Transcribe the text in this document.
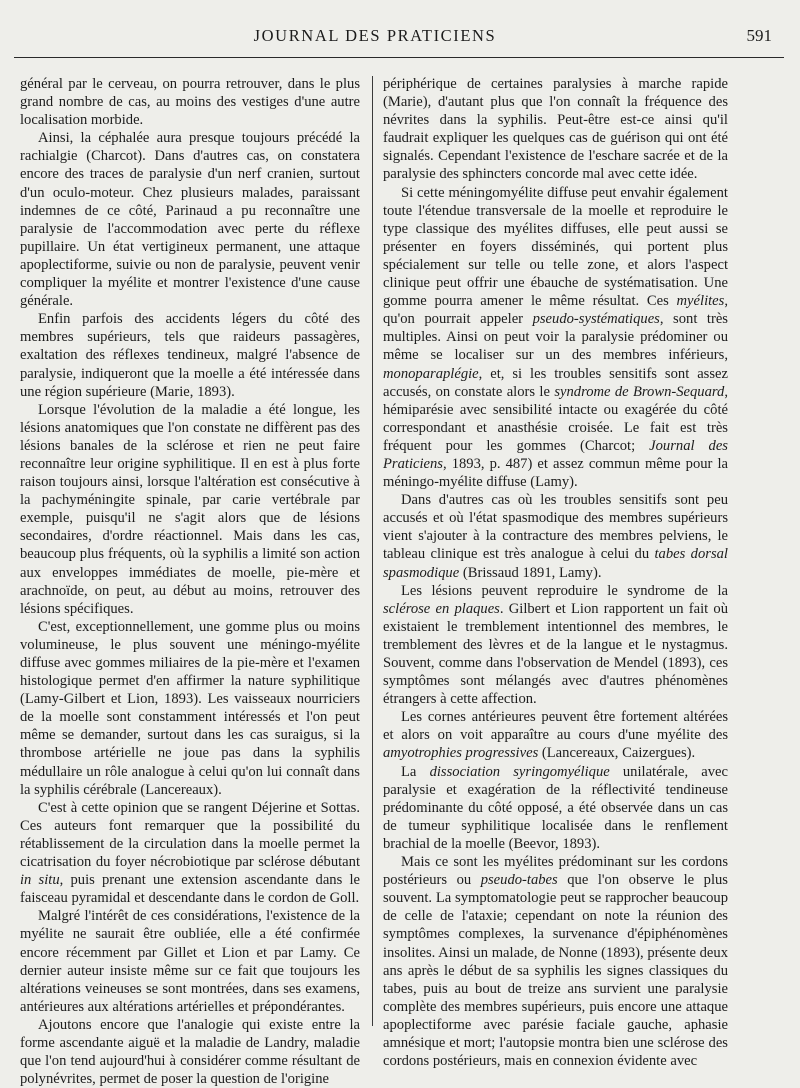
JOURNAL DES PRATICIENS	591

général par le cerveau, on pourra retrouver, dans le plus grand nombre de cas, au moins des vestiges d'une autre localisation morbide.

Ainsi, la céphalée aura presque toujours précédé la rachialgie (Charcot). Dans d'autres cas, on constatera encore des traces de paralysie d'un nerf cranien, surtout d'un oculo-moteur. Chez plusieurs malades, paraissant indemnes de ce côté, Parinaud a pu reconnaître une paralysie de l'accommodation avec perte du réflexe pupillaire. Un état vertigineux permanent, une attaque apoplectiforme, suivie ou non de paralysie, peuvent venir compliquer la myélite et montrer l'existence d'une cause générale.

Enfin parfois des accidents légers du côté des membres supérieurs, tels que raideurs passagères, exaltation des réflexes tendineux, malgré l'absence de paralysie, indiqueront que la moelle a été intéressée dans une région supérieure (Marie, 1893).

Lorsque l'évolution de la maladie a été longue, les lésions anatomiques que l'on constate ne diffèrent pas des lésions banales de la sclérose et rien ne peut faire reconnaître leur origine syphilitique. Il en est à plus forte raison toujours ainsi, lorsque l'altération est consécutive à la pachyméningite spinale, par carie vertébrale par exemple, puisqu'il ne s'agit alors que de lésions secondaires, d'ordre réactionnel. Mais dans les cas, beaucoup plus fréquents, où la syphilis a limité son action aux enveloppes immédiates de moelle, pie-mère et arachnoïde, on peut, au début au moins, retrouver des lésions spécifiques.

C'est, exceptionnellement, une gomme plus ou moins volumineuse, le plus souvent une méningo-myélite diffuse avec gommes miliaires de la pie-mère et l'examen histologique permet d'en affirmer la nature syphilitique (Lamy-Gilbert et Lion, 1893). Les vaisseaux nourriciers de la moelle sont constamment intéressés et l'on peut même se demander, surtout dans les cas suraigus, si la thrombose artérielle ne joue pas dans la syphilis médullaire un rôle analogue à celui qu'on lui connaît dans la syphilis cérébrale (Lancereaux).

C'est à cette opinion que se rangent Déjerine et Sottas. Ces auteurs font remarquer que la possibilité du rétablissement de la circulation dans la moelle permet la cicatrisation du foyer nécrobiotique par sclérose débutant in situ, puis prenant une extension ascendante dans le faisceau pyramidal et descendante dans le cordon de Goll.

Malgré l'intérêt de ces considérations, l'existence de la myélite ne saurait être oubliée, elle a été confirmée encore récemment par Gillet et Lion et par Lamy. Ce dernier auteur insiste même sur ce fait que toujours les altérations veineuses se sont montrées, dans ses examens, antérieures aux altérations artérielles et prépondérantes.

Ajoutons encore que l'analogie qui existe entre la forme ascendante aiguë et la maladie de Landry, maladie que l'on tend aujourd'hui à considérer comme résultant de polynévrites, permet de poser la question de l'origine

périphérique de certaines paralysies à marche rapide (Marie), d'autant plus que l'on connaît la fréquence des névrites dans la syphilis. Peut-être est-ce ainsi qu'il faudrait expliquer les quelques cas de guérison qui ont été signalés. Cependant l'existence de l'eschare sacrée et de la paralysie des sphincters concorde mal avec cette idée.

Si cette méningomyélite diffuse peut envahir également toute l'étendue transversale de la moelle et reproduire le type classique des myélites diffuses, elle peut aussi se présenter en foyers disséminés, qui portent plus spécialement sur telle ou telle zone, et alors l'aspect clinique peut offrir une ébauche de systématisation. Une gomme pourra amener le même résultat. Ces myélites, qu'on pourrait appeler pseudo-systématiques, sont très multiples. Ainsi on peut voir la paralysie prédominer ou même se localiser sur un des membres inférieurs, monoparaplégie, et, si les troubles sensitifs sont assez accusés, on constate alors le syndrome de Brown-Sequard, hémiparésie avec sensibilité intacte ou exagérée du côté correspondant et anasthésie croisée. Le fait est très fréquent pour les gommes (Charcot; Journal des Praticiens, 1893, p. 487) et assez commun même pour la méningo-myélite diffuse (Lamy).

Dans d'autres cas où les troubles sensitifs sont peu accusés et où l'état spasmodique des membres supérieurs vient s'ajouter à la contracture des membres pelviens, le tableau clinique est très analogue à celui du tabes dorsal spasmodique (Brissaud 1891, Lamy).

Les lésions peuvent reproduire le syndrome de la sclérose en plaques. Gilbert et Lion rapportent un fait où existaient le tremblement intentionnel des membres, le tremblement des lèvres et de la langue et le nystagmus. Souvent, comme dans l'observation de Mendel (1893), ces symptômes sont mélangés avec d'autres phénomènes étrangers à cette affection.

Les cornes antérieures peuvent être fortement altérées et alors on voit apparaître au cours d'une myélite des amyotrophies progressives (Lancereaux, Caizergues).

La dissociation syringomyélique unilatérale, avec paralysie et exagération de la réflectivité tendineuse prédominante du côté opposé, a été observée dans un cas de tumeur syphilitique localisée dans le renflement brachial de la moelle (Beevor, 1893).

Mais ce sont les myélites prédominant sur les cordons postérieurs ou pseudo-tabes que l'on observe le plus souvent. La symptomatologie peut se rapprocher beaucoup de celle de l'ataxie; cependant on note la réunion des symptômes complexes, la survenance d'épiphénomènes insolites. Ainsi un malade, de Nonne (1893), présente deux ans après le début de sa syphilis les signes classiques du tabes, puis au bout de treize ans survient une paralysie complète des membres supérieurs, puis encore une attaque apoplectiforme avec parésie faciale gauche, aphasie amnésique et mort; l'autopsie montra bien une sclérose des cordons postérieurs, mais en connexion évidente avec
